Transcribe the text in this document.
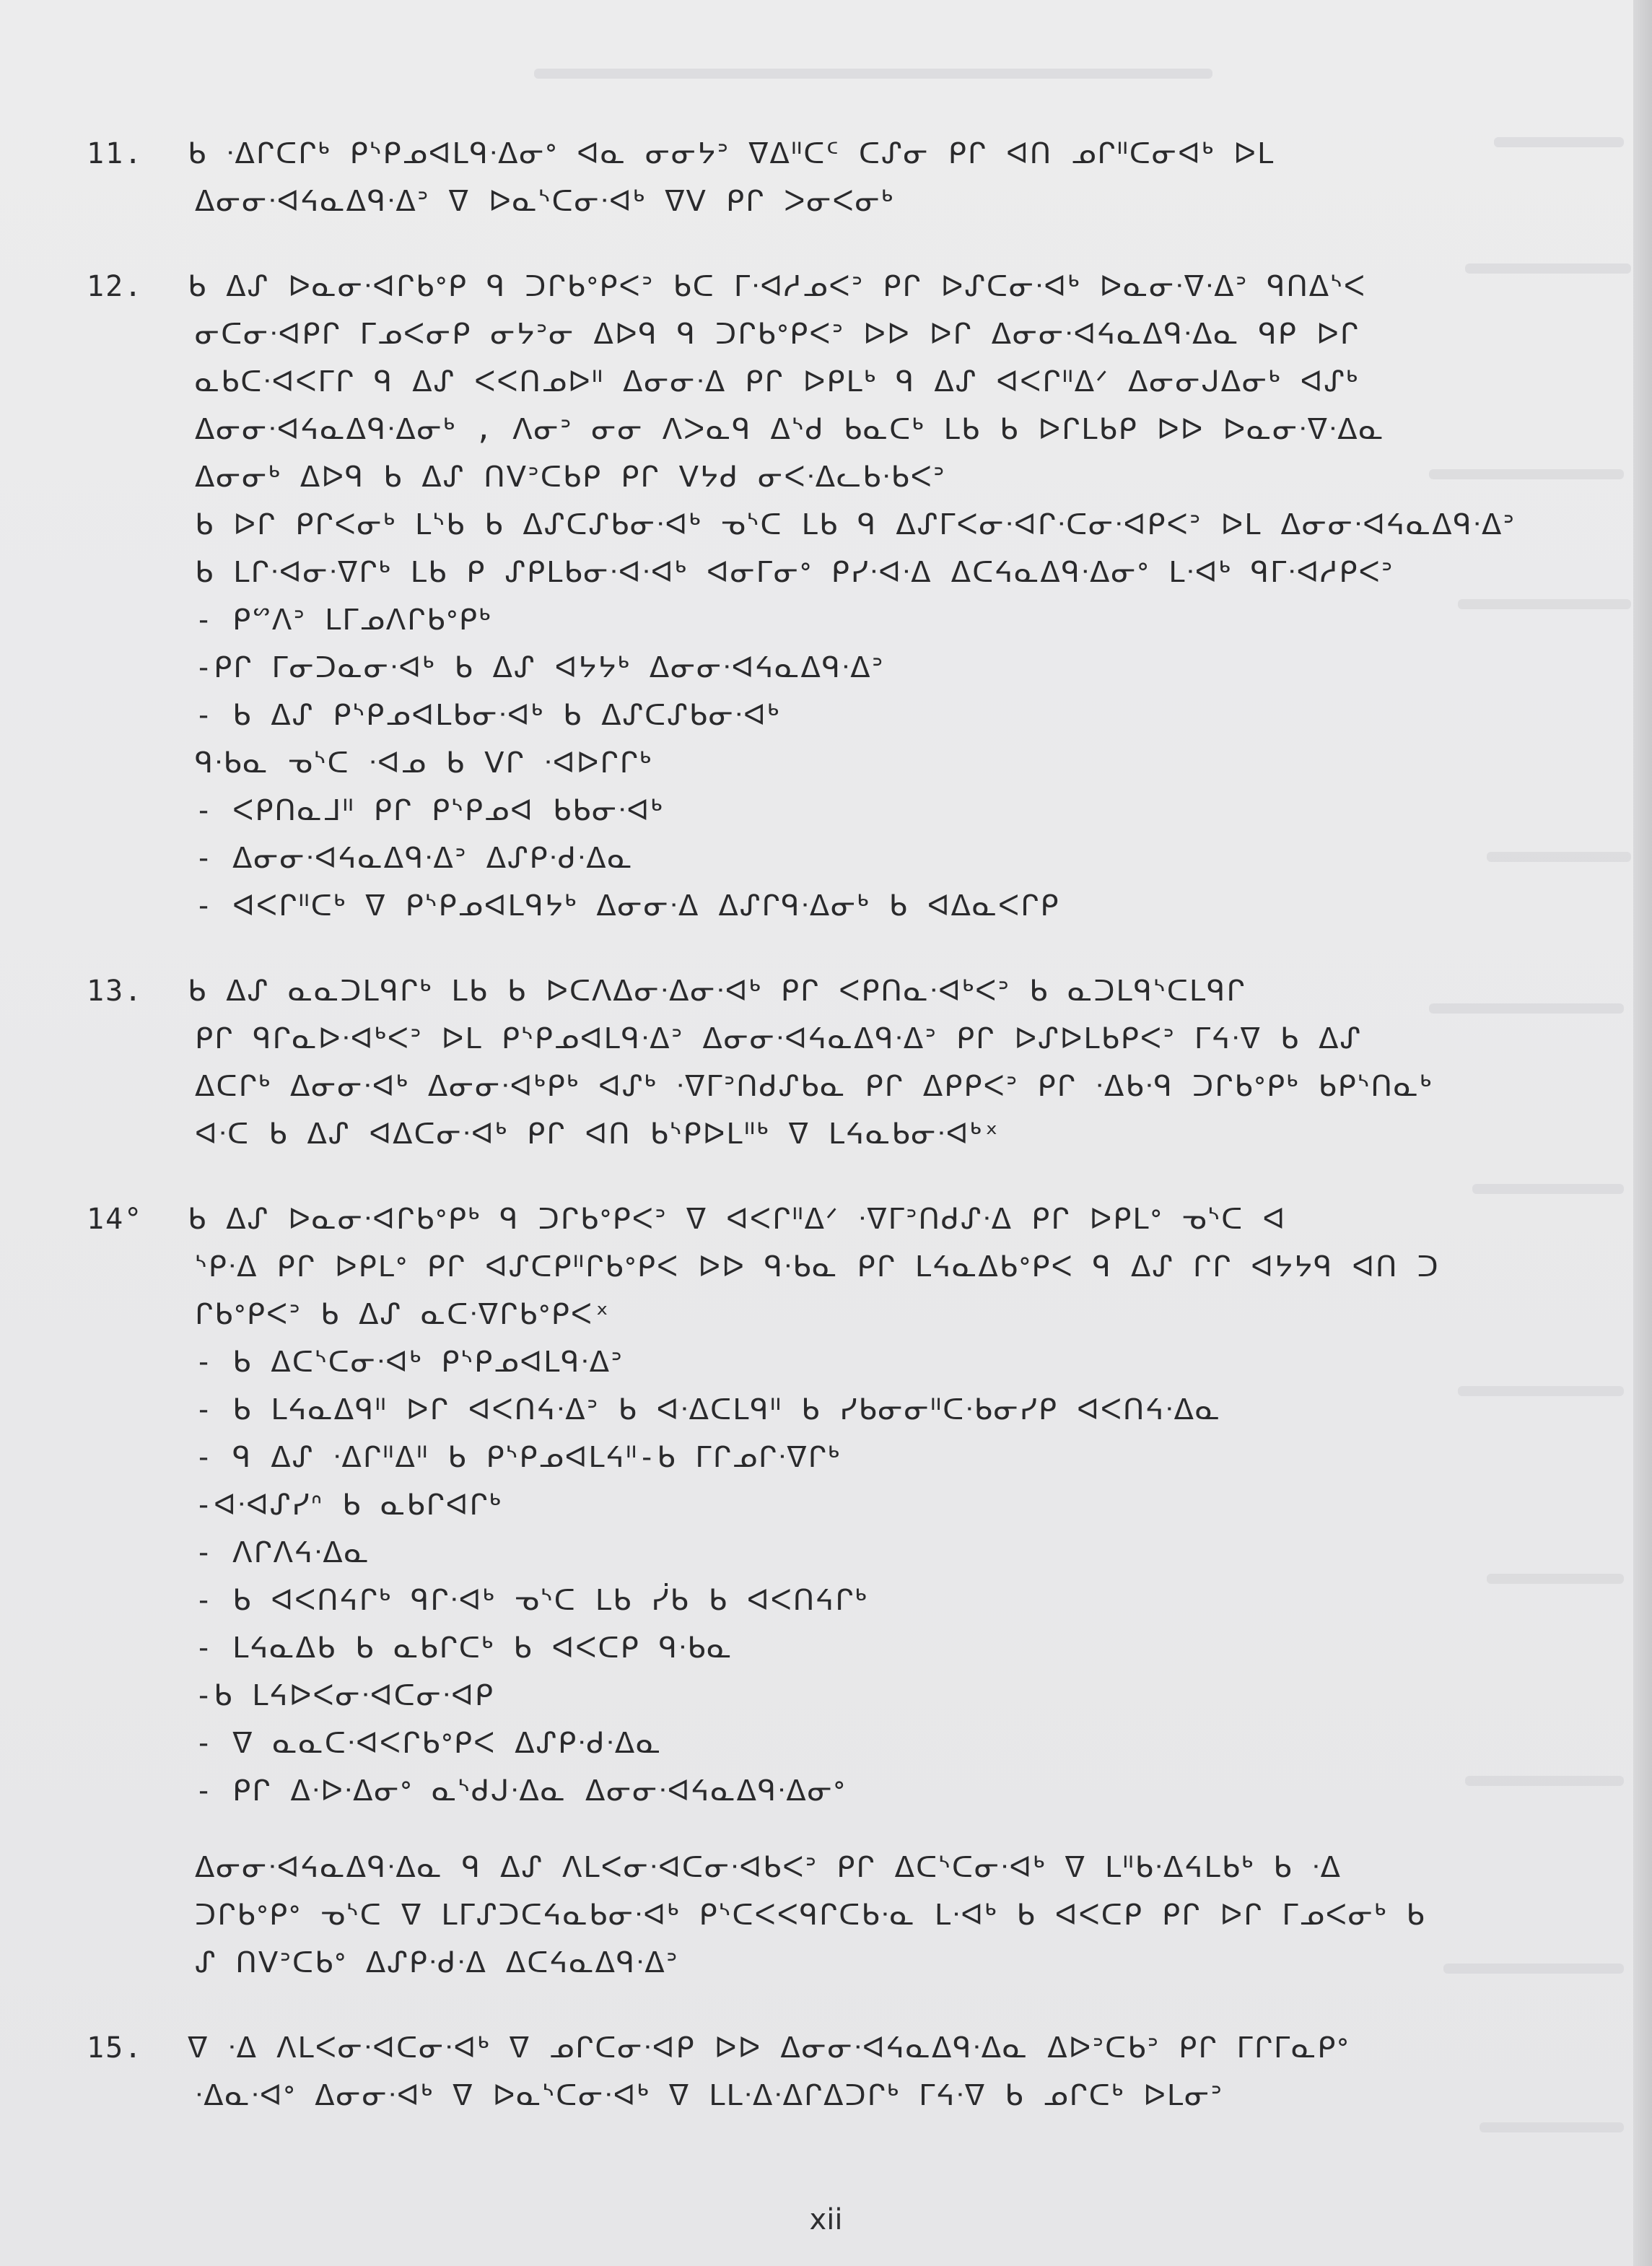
11. ᑲ ᐧᐃᒋᑕᒋᒃ ᑭᔅᑭᓄᐊᒪᑫᐧᐃᓂᐤ ᐊᓇ ᓂᓂᔭᐣ ᐁᐃᐦᑕᑦ ᑕᔑᓂ ᑭᒋ ᐊᑎ ᓄᒋᐦᑕᓂᐊᒃ ᐅᒪ
ᐃᓂᓂᐧᐊᔦᓇᐃᑫᐧᐃᐣ ᐁ ᐅᓇᔅᑕᓂᐧᐊᒃ ᐁᐯ ᑭᒋ ᐳᓂᐸᓂᒃ
12. ᑲ ᐃᔑ ᐅᓇᓂᐧᐊᒋᑲᐤᑭ ᑫ ᑐᒋᑲᐤᑭᐸᐣ ᑲᑕ ᒥᐧᐊᓱᓄᐸᐣ ᑭᒋ ᐅᔑᑕᓂᐧᐊᒃ ᐅᓇᓂᐧᐁᐧᐃᐣ ᑫᑎᐃᔅᐸ
ᓂᑕᓂᐧᐊᑭᒋ ᒥᓄᐸᓂᑭ ᓂᔭᐣᓂ ᐃᐅᑫ ᑫ ᑐᒋᑲᐤᑭᐸᐣ ᐅᐅ ᐅᒋ ᐃᓂᓂᐧᐊᔦᓇᐃᑫᐧᐃᓇ ᑫᑭ ᐅᒋ
ᓇᑲᑕᐧᐊᐸᒥᒋ ᑫ ᐃᔑ ᐸᐸᑎᓄᐅᐦ ᐃᓂᓂᐧᐃ ᑭᒋ ᐅᑭᒪᒃ ᑫ ᐃᔑ ᐊᐸᒋᐦᐃᐟ ᐃᓂᓂᒍᐃᓂᒃ ᐊᔑᒃ
ᐃᓂᓂᐧᐊᔦᓇᐃᑫᐧᐃᓂᒃ , ᐱᓂᐣ ᓂᓂ ᐱᐳᓇᑫ ᐃᔅᑯ ᑲᓇᑕᒃ ᒪᑲ ᑲ ᐅᒋᒪᑲᑭ ᐅᐅ ᐅᓇᓂᐧᐁᐧᐃᓇ
ᐃᓂᓂᒃ ᐃᐅᑫ ᑲ ᐃᔑ ᑎᐯᐣᑕᑲᑭ ᑭᒋ ᐯᔭᑯ ᓂᐸᐧᐃᓚᑲᐧᑲᐸᐣ
ᑲ ᐅᒋ ᑭᒋᐸᓂᒃ ᒪᔅᑲ ᑲ ᐃᔑᑕᔑᑲᓂᐧᐊᒃ ᓀᔅᑕ ᒪᑲ ᑫ ᐃᔑᒥᐸᓂᐧᐊᒋᐧᑕᓂᐧᐊᑭᐸᐣ ᐅᒪ ᐃᓂᓂᐧᐊᔦᓇᐃᑫᐧᐃᐣ
ᑲ ᒪᒋᐧᐊᓂᐧᐁᒋᒃ ᒪᑲ ᑭ ᔑᑭᒪᑲᓂᐧᐊᐧᐊᒃ ᐊᓂᒥᓂᐤ ᑭᓯᐧᐊᐧᐃ ᐃᑕᔦᓇᐃᑫᐧᐃᓂᐤ ᒪᐧᐊᒃ ᑫᒥᐧᐊᓱᑭᐸᐣ
- ᑭᔥᐱᐣ ᒪᒥᓄᐱᒋᑲᐤᑭᒃ
-ᑭᒋ ᒥᓂᑐᓇᓂᐧᐊᒃ ᑲ ᐃᔑ ᐊᔭᔭᒃ ᐃᓂᓂᐧᐊᔦᓇᐃᑫᐧᐃᐣ
- ᑲ ᐃᔑ ᑭᔅᑭᓄᐊᒪᑲᓂᐧᐊᒃ ᑲ ᐃᔑᑕᔑᑲᓂᐧᐊᒃ
ᑫᐧᑲᓇ ᓀᔅᑕ ᐧᐊᓄ ᑲ ᐯᒋ ᐧᐊᐅᒋᒋᒃ
- ᐸᑭᑎᓇᒧᐦ ᑭᒋ ᑭᔅᑭᓄᐊ ᑲᑲᓂᐧᐊᒃ
- ᐃᓂᓂᐧᐊᔦᓇᐃᑫᐧᐃᐣ ᐃᔑᑭᐧᑯᐧᐃᓇ
- ᐊᐸᒋᐦᑕᒃ ᐁ ᑭᔅᑭᓄᐊᒪᑫᔭᒃ ᐃᓂᓂᐧᐃ ᐃᔑᒋᑫᐧᐃᓂᒃ ᑲ ᐊᐃᓇᐸᒋᑭ
13. ᑲ ᐃᔑ ᓇᓇᑐᒪᑫᒋᒃ ᒪᑲ ᑲ ᐅᑕᐱᐃᓂᐧᐃᓂᐧᐊᒃ ᑭᒋ ᐸᑭᑎᓇᐧᐊᒃᐸᐣ ᑲ ᓇᑐᒪᑫᔅᑕᒪᑫᒋ
ᑭᒋ ᑫᒋᓇᐅᐧᐊᒃᐸᐣ ᐅᒪ ᑭᔅᑭᓄᐊᒪᑫᐧᐃᐣ ᐃᓂᓂᐧᐊᔦᓇᐃᑫᐧᐃᐣ ᑭᒋ ᐅᔑᐅᒪᑲᑭᐸᐣ ᒥᔦᐧᐁ ᑲ ᐃᔑ
ᐃᑕᒋᒃ ᐃᓂᓂᐧᐊᒃ ᐃᓂᓂᐧᐊᒃᑭᒃ ᐊᔑᒃ ᐧᐁᒥᐣᑎᑯᔑᑲᓇ ᑭᒋ ᐃᑭᑭᐸᐣ ᑭᒋ ᐧᐃᑲᐧᑫ ᑐᒋᑲᐤᑭᒃ ᑲᑭᔅᑎᓇᒃ
ᐊᐧᑕ ᑲ ᐃᔑ ᐊᐃᑕᓂᐧᐊᒃ ᑭᒋ ᐊᑎ ᑲᔅᑭᐅᒪᐦᒃ ᐁ ᒪᔦᓇᑲᓂᐧᐊᒃˣ
14° ᑲ ᐃᔑ ᐅᓇᓂᐧᐊᒋᑲᐤᑭᒃ ᑫ ᑐᒋᑲᐤᑭᐸᐣ ᐁ ᐊᐸᒋᐦᐃᐟ ᐧᐁᒥᐣᑎᑯᔑᐧᐃ ᑭᒋ ᐅᑭᒪᐤ ᓀᔅᑕ ᐊ
ᔅᑭᐧᐃ ᑭᒋ ᐅᑭᒪᐤ ᑭᒋ ᐊᔑᑕᑭᐦᒋᑲᐤᑭᐸ ᐅᐅ ᑫᐧᑲᓇ ᑭᒋ ᒪᔦᓇᐃᑲᐤᑭᐸ ᑫ ᐃᔑ ᒋᒋ ᐊᔭᔭᑫ ᐊᑎ ᑐ
ᒋᑲᐤᑭᐸᐣ ᑲ ᐃᔑ ᓇᑕᐧᐁᒋᑲᐤᑭᐸˣ
- ᑲ ᐃᑕᔅᑕᓂᐧᐊᒃ ᑭᔅᑭᓄᐊᒪᑫᐧᐃᐣ
- ᑲ ᒪᔦᓇᐃᑫᐦ ᐅᒋ ᐊᐸᑎᔦᐧᐃᐣ ᑲ ᐊᐧᐃᑕᒪᑫᐦ ᑲ ᓯᑲᓂᓂᐦᑕᐧᑲᓂᓯᑭ ᐊᐸᑎᔦᐧᐃᓇ
- ᑫ ᐃᔑ ᐧᐃᒋᐦᐃᐦ ᑲ ᑭᔅᑭᓄᐊᒪᔦᐦ-ᑲ ᒥᒋᓄᒋᐧᐁᒋᒃ
-ᐊᐧᐊᔑᓯᐢ ᑲ ᓇᑲᒋᐊᒋᒃ
- ᐱᒋᐱᔦᐧᐃᓇ
- ᑲ ᐊᐸᑎᔦᒋᒃ ᑫᒋᐧᐊᒃ ᓀᔅᑕ ᒪᑲ ᓰᑲ ᑲ ᐊᐸᑎᔦᒋᒃ
- ᒪᔦᓇᐃᑲ ᑲ ᓇᑲᒋᑕᒃ ᑲ ᐊᐸᑕᑭ ᑫᐧᑲᓇ
-ᑲ ᒪᔦᐅᐸᓂᐧᐊᑕᓂᐧᐊᑭ
- ᐁ ᓇᓇᑕᐧᐊᐸᒋᑲᐤᑭᐸ ᐃᔑᑭᐧᑯᐧᐃᓇ
- ᑭᒋ ᐃᐧᐅᐧᐃᓂᐤ ᓇᔅᑯᒍᐧᐃᓇ ᐃᓂᓂᐧᐊᔦᓇᐃᑫᐧᐃᓂᐤ
ᐃᓂᓂᐧᐊᔦᓇᐃᑫᐧᐃᓇ ᑫ ᐃᔑ ᐱᒪᐸᓂᐧᐊᑕᓂᐧᐊᑲᐸᐣ ᑭᒋ ᐃᑕᔅᑕᓂᐧᐊᒃ ᐁ ᒪᐦᑲᐧᐃᔦᒪᑲᒃ ᑲ ᐧᐃ
ᑐᒋᑲᐤᑭᐤ ᓀᔅᑕ ᐁ ᒪᒥᔑᑐᑕᔦᓇᑲᓂᐧᐊᒃ ᑭᔅᑕᐸᐸᑫᒋᑕᑲᐧᓇ ᒪᐧᐊᒃ ᑲ ᐊᐸᑕᑭ ᑭᒋ ᐅᒋ ᒥᓄᐸᓂᒃ ᑲ
ᔑ ᑎᐯᐣᑕᑲᐤ ᐃᔑᑭᐧᑯᐧᐃ ᐃᑕᔦᓇᐃᑫᐧᐃᐣ
15. ᐁ ᐧᐃ ᐱᒪᐸᓂᐧᐊᑕᓂᐧᐊᒃ ᐁ ᓄᒋᑕᓂᐧᐊᑭ ᐅᐅ ᐃᓂᓂᐧᐊᔦᓇᐃᑫᐧᐃᓇ ᐃᐅᐣᑕᑲᐣ ᑭᒋ ᒥᒋᒥᓇᑭᐤ
ᐧᐃᓇᐧᐊᐤ ᐃᓂᓂᐧᐊᒃ ᐁ ᐅᓇᔅᑕᓂᐧᐊᒃ ᐁ ᒪᒪᐧᐃᐧᐃᒋᐃᑐᒋᒃ ᒥᔦᐧᐁ ᑲ ᓄᒋᑕᒃ ᐅᒪᓂᐣ
xii
